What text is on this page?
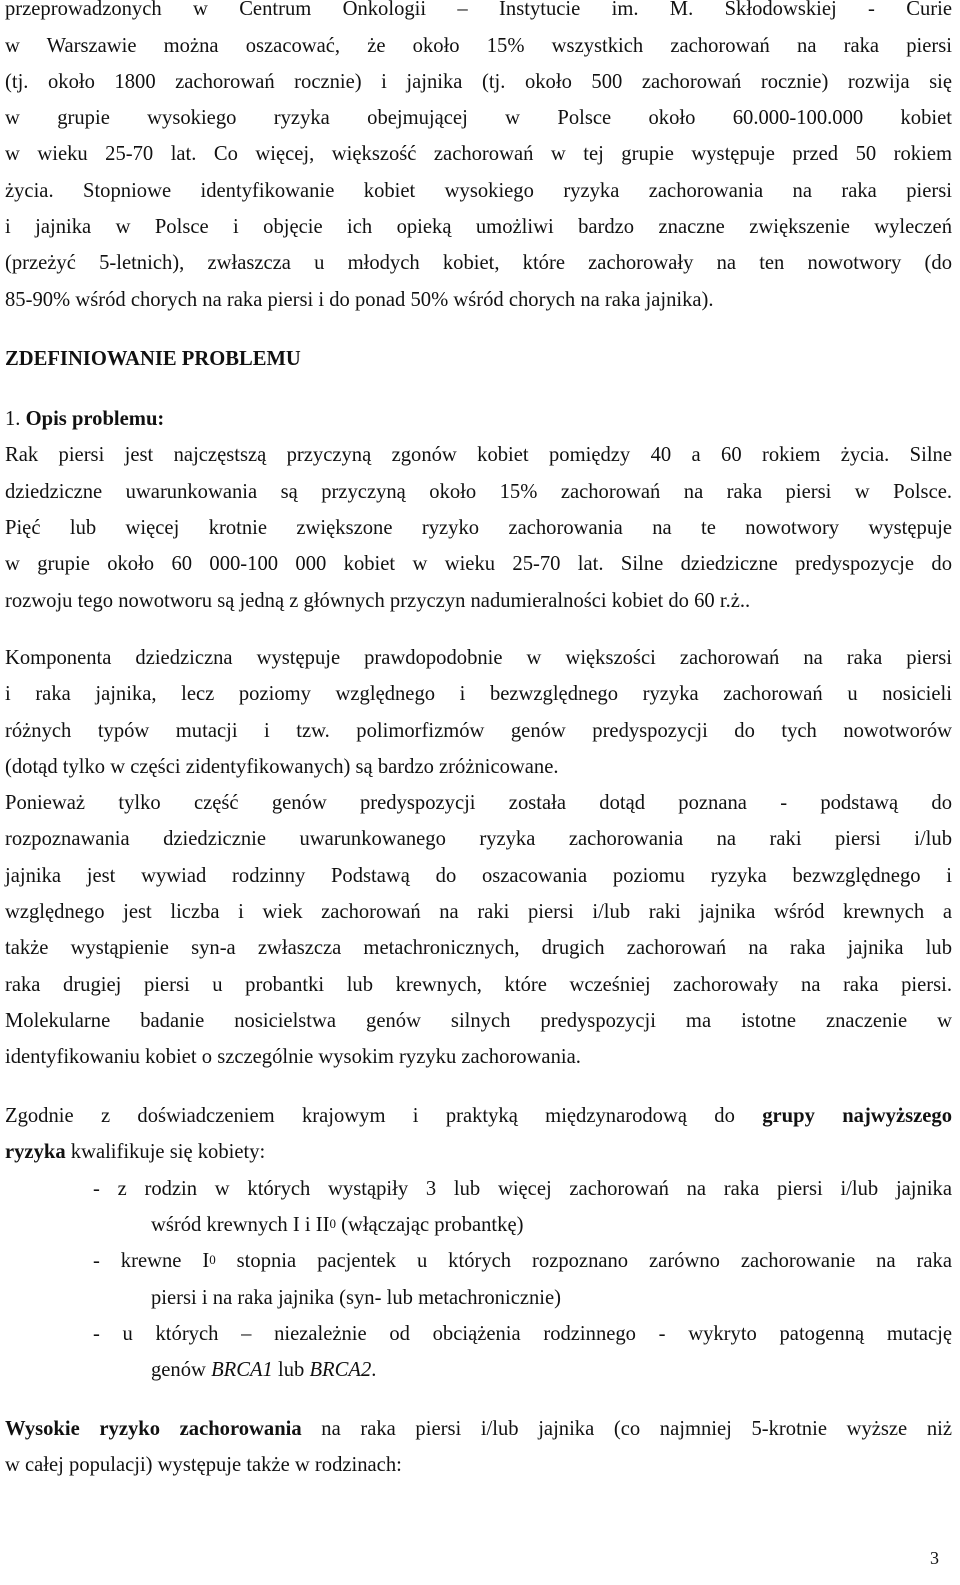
przeprowadzonych w Centrum Onkologii – Instytucie im. M. Skłodowskiej - Curie
w Warszawie można oszacować, że około 15% wszystkich zachorowań na raka piersi
(tj. około 1800 zachorowań rocznie) i jajnika (tj. około 500 zachorowań rocznie) rozwija się
w grupie wysokiego ryzyka obejmującej w Polsce około 60.000-100.000 kobiet
w wieku 25-70 lat. Co więcej, większość zachorowań w tej grupie występuje przed 50 rokiem
życia. Stopniowe identyfikowanie kobiet wysokiego ryzyka zachorowania na raka piersi
i jajnika w Polsce i objęcie ich opieką umożliwi bardzo znaczne zwiększenie wyleczeń
(przeżyć 5-letnich), zwłaszcza u młodych kobiet, które zachorowały na ten nowotwory (do
85-90% wśród chorych na raka piersi i do ponad 50% wśród chorych na raka jajnika).
ZDEFINIOWANIE PROBLEMU
1. Opis problemu:
Rak piersi jest najczęstszą przyczyną zgonów kobiet pomiędzy 40 a 60 rokiem życia. Silne
dziedziczne uwarunkowania są przyczyną około 15% zachorowań na raka piersi w Polsce.
Pięć lub więcej krotnie zwiększone ryzyko zachorowania na te nowotwory występuje
w grupie około 60 000-100 000 kobiet w wieku 25-70 lat. Silne dziedziczne predyspozycje do
rozwoju tego nowotworu są jedną z głównych przyczyn nadumieralności kobiet do 60 r.ż..
Komponenta dziedziczna występuje prawdopodobnie w większości zachorowań na raka piersi
i raka jajnika, lecz poziomy względnego i bezwzględnego ryzyka zachorowań u nosicieli
różnych typów mutacji i tzw. polimorfizmów genów predyspozycji do tych nowotworów
(dotąd tylko w części zidentyfikowanych) są bardzo zróżnicowane.
Ponieważ tylko część genów predyspozycji została dotąd poznana - podstawą do
rozpoznawania dziedzicznie uwarunkowanego ryzyka zachorowania na raki piersi i/lub
jajnika jest wywiad rodzinny Podstawą do oszacowania poziomu ryzyka bezwzględnego i
względnego jest liczba i wiek zachorowań na raki piersi i/lub raki jajnika wśród krewnych a
także wystąpienie syn-a zwłaszcza metachronicznych, drugich zachorowań na raka jajnika lub
raka drugiej piersi u probantki lub krewnych, które wcześniej zachorowały na raka piersi.
Molekularne badanie nosicielstwa genów silnych predyspozycji ma istotne znaczenie w
identyfikowaniu kobiet o szczególnie wysokim ryzyku zachorowania.
Zgodnie z doświadczeniem krajowym i praktyką międzynarodową do grupy najwyższego
ryzyka kwalifikuje się kobiety:
- z rodzin w których wystąpiły 3 lub więcej zachorowań na raka piersi i/lub jajnika
wśród krewnych I i $II^0$ (włączając probantkę)
- krewne $I^0$ stopnia pacjentek u których rozpoznano zarówno zachorowanie na raka
piersi i na raka jajnika (syn- lub metachronicznie)
- u których – niezależnie od obciążenia rodzinnego - wykryto patogenną mutację
genów BRCA1 lub BRCA2.
Wysokie ryzyko zachorowania na raka piersi i/lub jajnika (co najmniej 5-krotnie wyższe niż
w całej populacji) występuje także w rodzinach:
3
